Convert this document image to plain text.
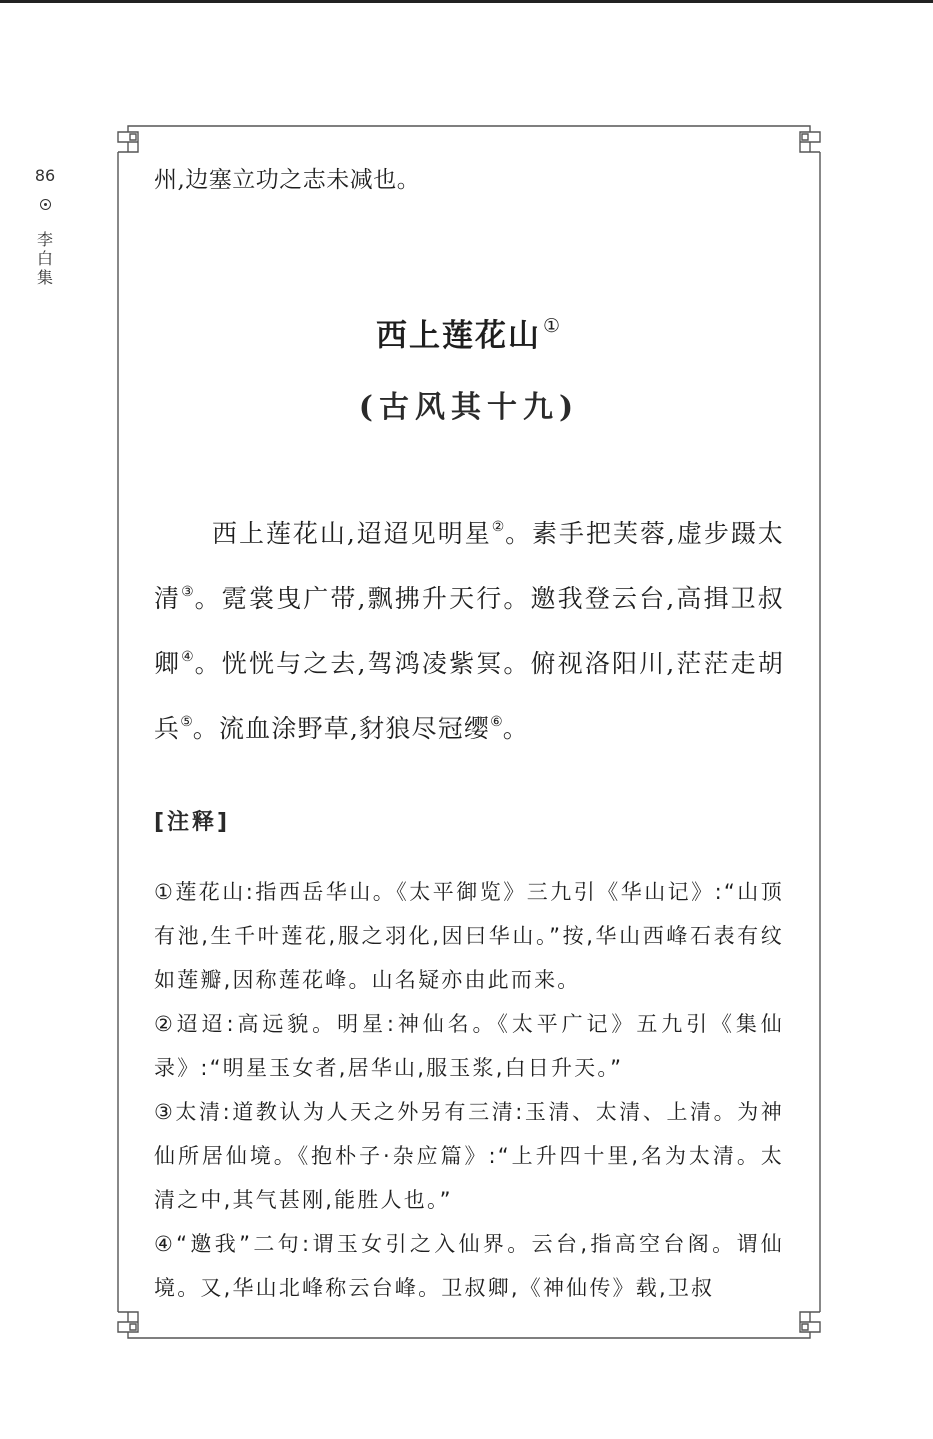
86
李白集

州,边塞立功之志未减也。

西上莲花山 ①
(古风其十九)

西上莲花山,迢迢见明星②。素手把芙蓉,虚步蹑太清③。霓裳曳广带,飘拂升天行。邀我登云台,高揖卫叔卿④。恍恍与之去,驾鸿凌紫冥。俯视洛阳川,茫茫走胡兵⑤。流血涂野草,豺狼尽冠缨⑥。

[注释]
①莲花山:指西岳华山。《太平御览》三九引《华山记》:“山顶有池,生千叶莲花,服之羽化,因曰华山。”按,华山西峰石表有纹如莲瓣,因称莲花峰。山名疑亦由此而来。
②迢迢:高远貌。明星:神仙名。《太平广记》五九引《集仙录》:“明星玉女者,居华山,服玉浆,白日升天。”
③太清:道教认为人天之外另有三清:玉清、太清、上清。为神仙所居仙境。《抱朴子·杂应篇》:“上升四十里,名为太清。太清之中,其气甚刚,能胜人也。”
④“邀我”二句:谓玉女引之入仙界。云台,指高空台阁。谓仙境。又,华山北峰称云台峰。卫叔卿,《神仙传》载,卫叔
